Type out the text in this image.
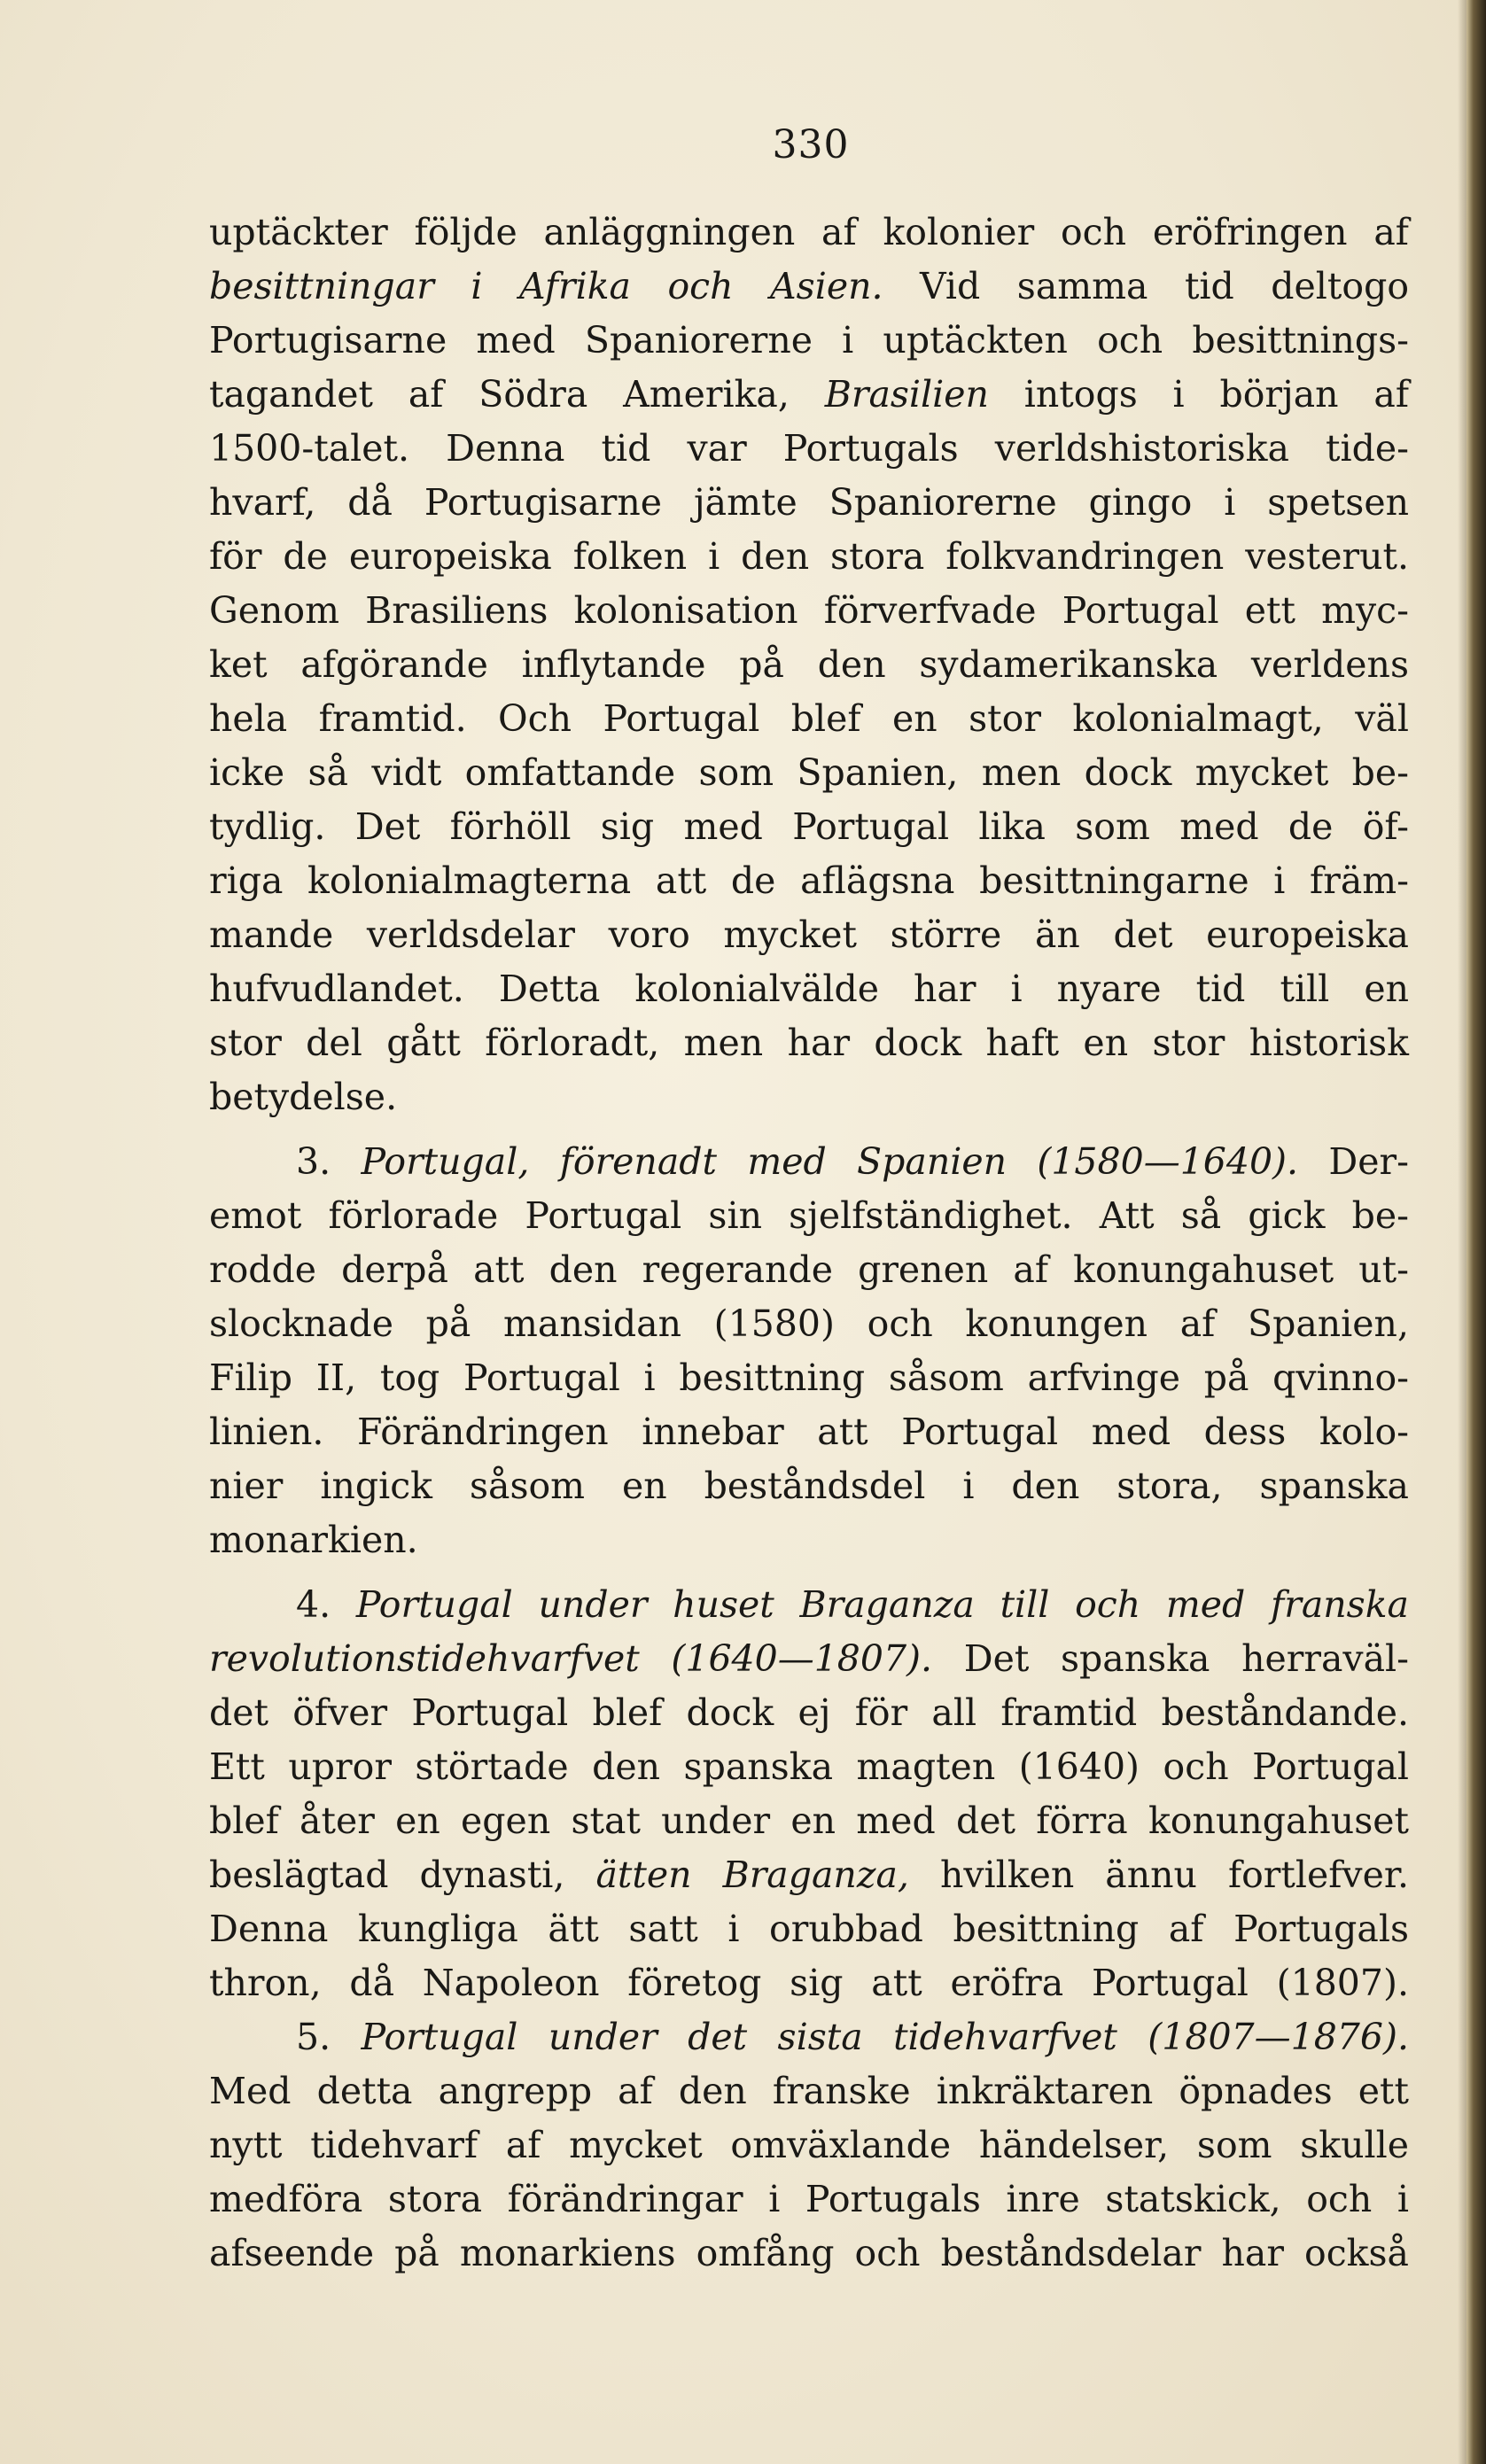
330
uptäckter följde anläggningen af kolonier och eröfringen af
besittningar i Afrika och Asien. Vid samma tid deltogo
Portugisarne med Spaniorerne i uptäckten och besittnings-
tagandet af Södra Amerika, Brasilien intogs i början af
1500-talet. Denna tid var Portugals verldshistoriska tide-
hvarf, då Portugisarne jämte Spaniorerne gingo i spetsen
för de europeiska folken i den stora folkvandringen vesterut.
Genom Brasiliens kolonisation förverfvade Portugal ett myc-
ket afgörande inflytande på den sydamerikanska verldens
hela framtid. Och Portugal blef en stor kolonialmagt, väl
icke så vidt omfattande som Spanien, men dock mycket be-
tydlig. Det förhöll sig med Portugal lika som med de öf-
riga kolonialmagterna att de aflägsna besittningarne i främ-
mande verldsdelar voro mycket större än det europeiska
hufvudlandet. Detta kolonialvälde har i nyare tid till en
stor del gått förloradt, men har dock haft en stor historisk
betydelse.
3. Portugal, förenadt med Spanien (1580—1640). Der-
emot förlorade Portugal sin sjelfständighet. Att så gick be-
rodde derpå att den regerande grenen af konungahuset ut-
slocknade på mansidan (1580) och konungen af Spanien,
Filip II, tog Portugal i besittning såsom arfvinge på qvinno-
linien. Förändringen innebar att Portugal med dess kolo-
nier ingick såsom en beståndsdel i den stora, spanska
monarkien.
4. Portugal under huset Braganza till och med franska
revolutionstidehvarfvet (1640—1807). Det spanska herraväl-
det öfver Portugal blef dock ej för all framtid beståndande.
Ett upror störtade den spanska magten (1640) och Portugal
blef åter en egen stat under en med det förra konungahuset
beslägtad dynasti, ätten Braganza, hvilken ännu fortlefver.
Denna kungliga ätt satt i orubbad besittning af Portugals
thron, då Napoleon företog sig att eröfra Portugal (1807).
5. Portugal under det sista tidehvarfvet (1807—1876).
Med detta angrepp af den franske inkräktaren öpnades ett
nytt tidehvarf af mycket omväxlande händelser, som skulle
medföra stora förändringar i Portugals inre statskick, och i
afseende på monarkiens omfång och beståndsdelar har också
